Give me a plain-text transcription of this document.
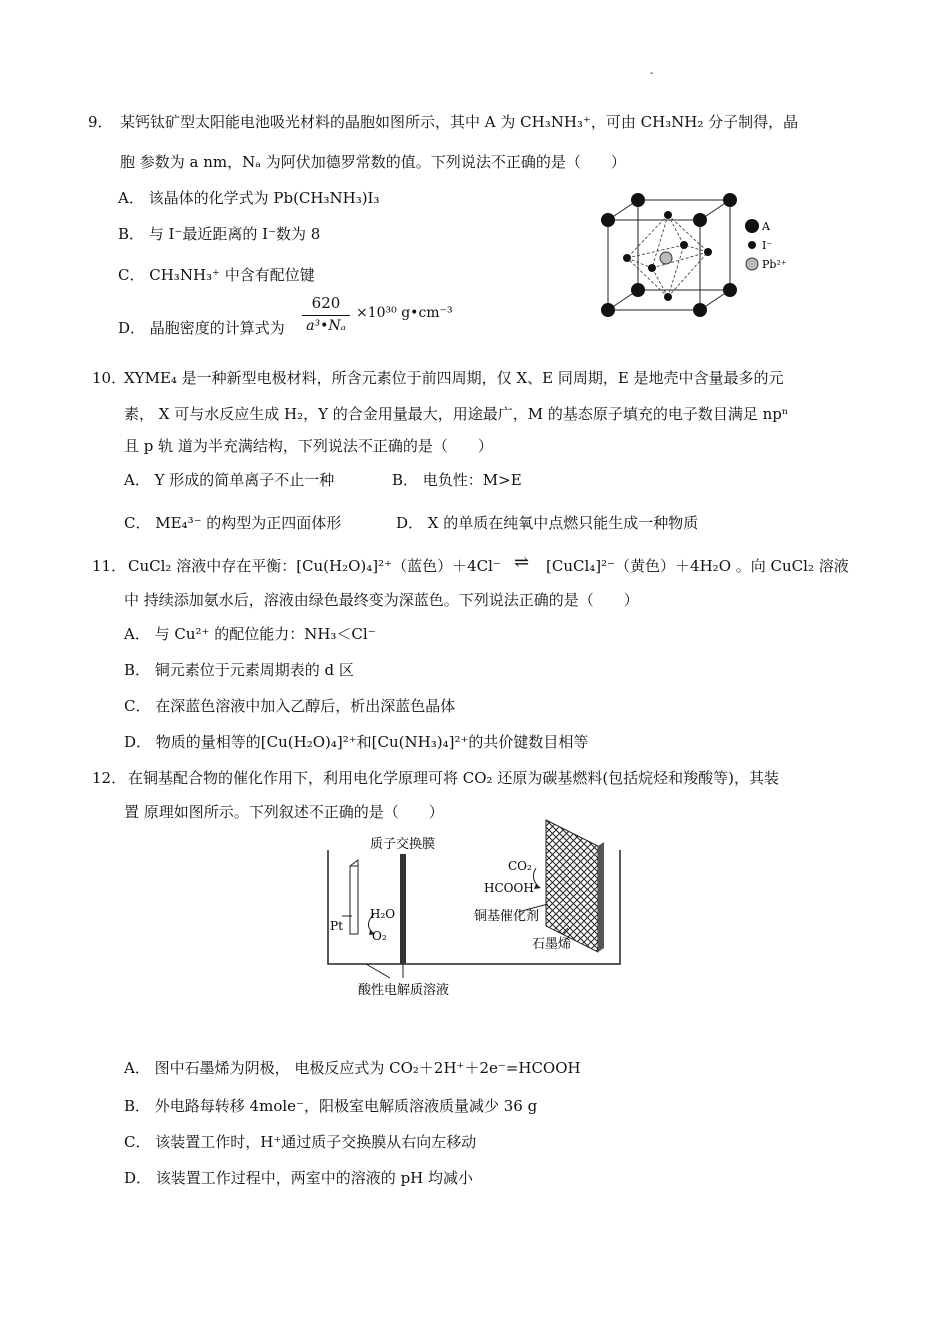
-
9． 某钙钛矿型太阳能电池吸光材料的晶胞如图所示，其中 A 为 CH₃NH₃⁺，可由 CH₃NH₂ 分子制得，晶
胞 参数为 a nm，Nₐ 为阿伏加德罗常数的值。下列说法不正确的是（　　）
A． 该晶体的化学式为 Pb(CH₃NH₃)I₃
B． 与 I⁻最近距离的 I⁻数为 8
C． CH₃NH₃⁺ 中含有配位键
D． 晶胞密度的计算式为
620
a³•Nₐ
×10³⁰ g•cm⁻³
A
I⁻
Pb²⁺
10．
XYME₄ 是一种新型电极材料，所含元素位于前四周期，仅 X、E 同周期，E 是地壳中含量最多的元
素， X 可与水反应生成 H₂，Y 的合金用量最大，用途最广，M 的基态原子填充的电子数目满足 npⁿ
且 p 轨 道为半充满结构，下列说法不正确的是（　　）
A． Y 形成的简单离子不止一种	B． 电负性：M>E
C． ME₄³⁻ 的构型为正四面体形	D． X 的单质在纯氧中点燃只能生成一种物质
11． CuCl₂ 溶液中存在平衡：[Cu(H₂O)₄]²⁺（蓝色）＋4Cl⁻ ⇌ [CuCl₄]²⁻（黄色）＋4H₂O 。向 CuCl₂ 溶液
中 持续添加氨水后，溶液由绿色最终变为深蓝色。下列说法正确的是（　　）
A． 与 Cu²⁺ 的配位能力：NH₃＜Cl⁻
B． 铜元素位于元素周期表的 d 区
C． 在深蓝色溶液中加入乙醇后，析出深蓝色晶体
D． 物质的量相等的[Cu(H₂O)₄]²⁺和[Cu(NH₃)₄]²⁺的共价键数目相等
12． 在铜基配合物的催化作用下，利用电化学原理可将 CO₂ 还原为碳基燃料(包括烷烃和羧酸等)，其装
置 原理如图所示。下列叙述不正确的是（　　）
质子交换膜
Pt
H₂O
O₂
CO₂
HCOOH
铜基催化剂
石墨烯
酸性电解质溶液
A． 图中石墨烯为阴极， 电极反应式为 CO₂＋2H⁺＋2e⁻=HCOOH
B． 外电路每转移 4mole⁻，阳极室电解质溶液质量减少 36 g
C． 该装置工作时，H⁺通过质子交换膜从右向左移动
D． 该装置工作过程中，两室中的溶液的 pH 均减小
